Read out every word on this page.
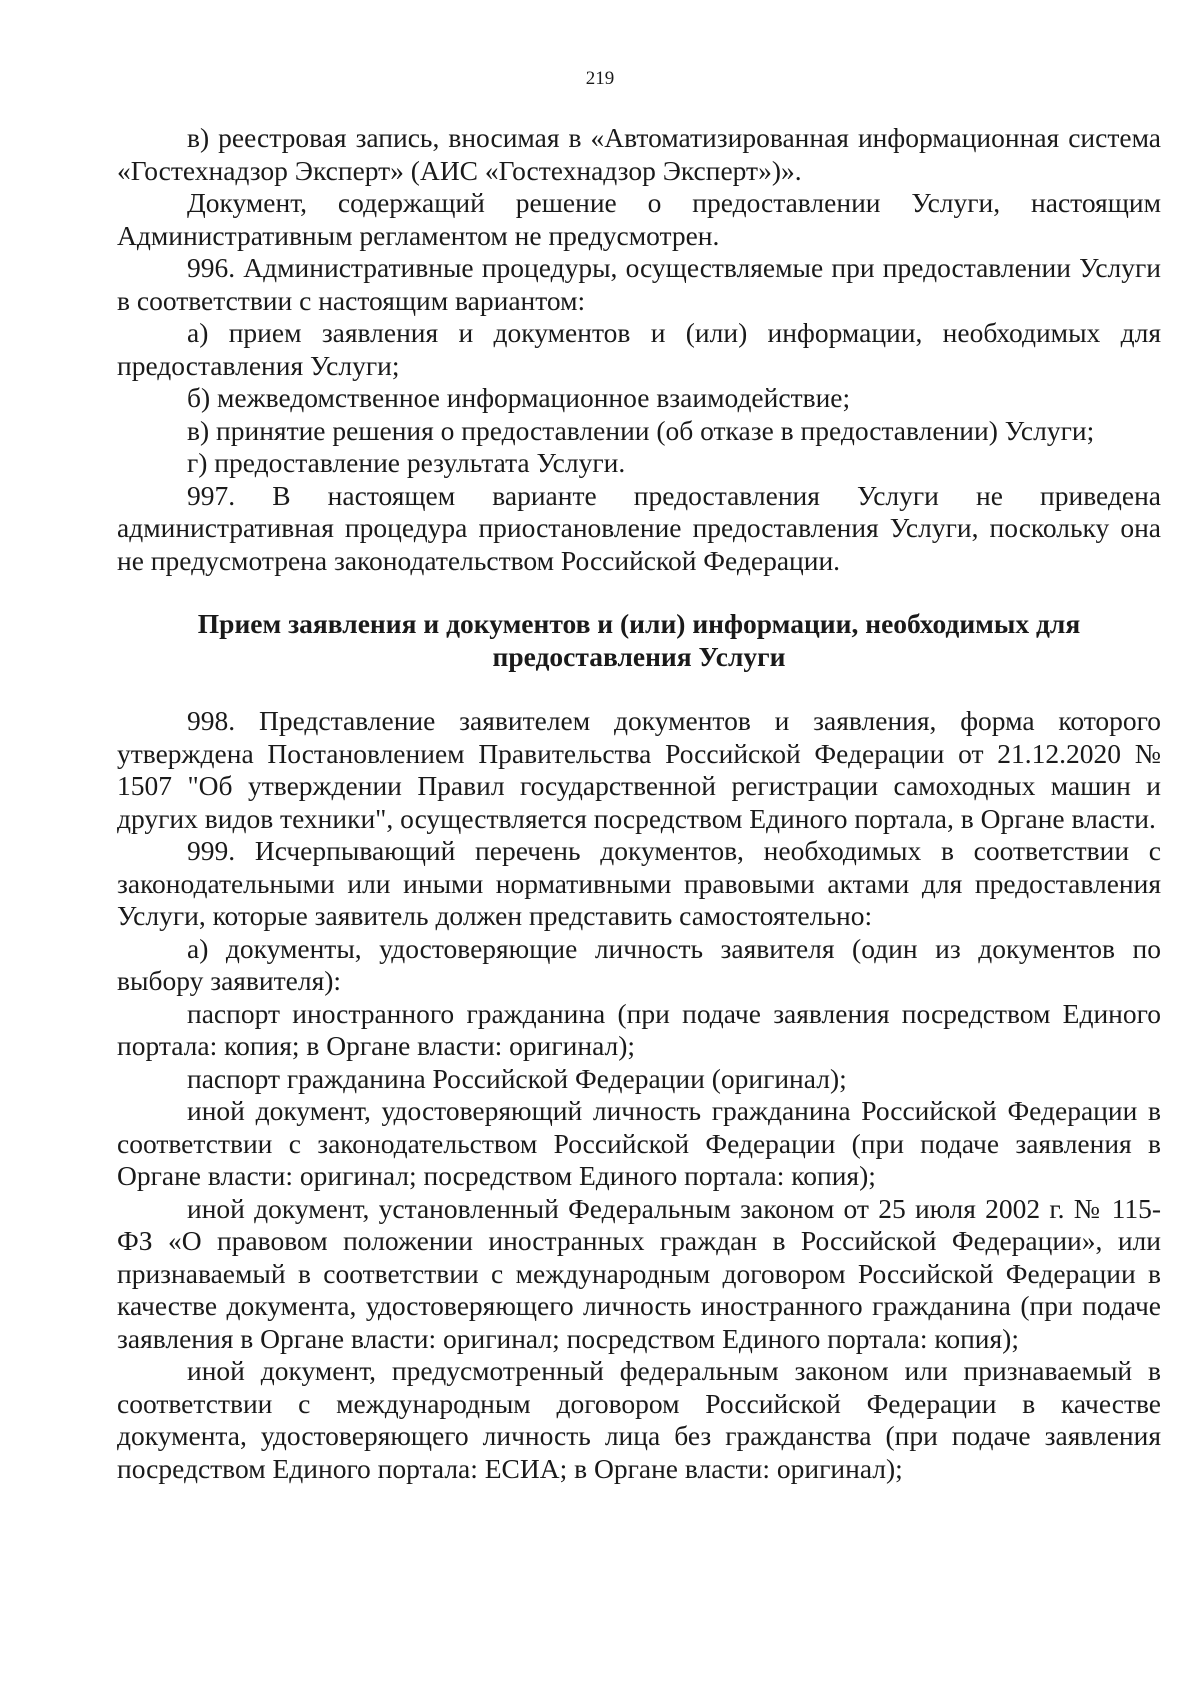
219

в) реестровая запись, вносимая в «Автоматизированная информационная система «Гостехнадзор Эксперт» (АИС «Гостехнадзор Эксперт»)».

Документ, содержащий решение о предоставлении Услуги, настоящим Административным регламентом не предусмотрен.

996. Административные процедуры, осуществляемые при предоставлении Услуги в соответствии с настоящим вариантом:

а) прием заявления и документов и (или) информации, необходимых для предоставления Услуги;

б) межведомственное информационное взаимодействие;

в) принятие решения о предоставлении (об отказе в предоставлении) Услуги;

г) предоставление результата Услуги.

997. В настоящем варианте предоставления Услуги не приведена административная процедура приостановление предоставления Услуги, поскольку она не предусмотрена законодательством Российской Федерации.

Прием заявления и документов и (или) информации, необходимых для
предоставления Услуги

998. Представление заявителем документов и заявления, форма которого утверждена Постановлением Правительства Российской Федерации от 21.12.2020 № 1507 "Об утверждении Правил государственной регистрации самоходных машин и других видов техники", осуществляется посредством Единого портала, в Органе власти.

999. Исчерпывающий перечень документов, необходимых в соответствии с законодательными или иными нормативными правовыми актами для предоставления Услуги, которые заявитель должен представить самостоятельно:

а) документы, удостоверяющие личность заявителя (один из документов по выбору заявителя):

паспорт иностранного гражданина (при подаче заявления посредством Единого портала: копия; в Органе власти: оригинал);

паспорт гражданина Российской Федерации (оригинал);

иной документ, удостоверяющий личность гражданина Российской Федерации в соответствии с законодательством Российской Федерации (при подаче заявления в Органе власти: оригинал; посредством Единого портала: копия);

иной документ, установленный Федеральным законом от 25 июля 2002 г. № 115-ФЗ «О правовом положении иностранных граждан в Российской Федерации», или признаваемый в соответствии с международным договором Российской Федерации в качестве документа, удостоверяющего личность иностранного гражданина (при подаче заявления в Органе власти: оригинал; посредством Единого портала: копия);

иной документ, предусмотренный федеральным законом или признаваемый в соответствии с международным договором Российской Федерации в качестве документа, удостоверяющего личность лица без гражданства (при подаче заявления посредством Единого портала: ЕСИА; в Органе власти: оригинал);
